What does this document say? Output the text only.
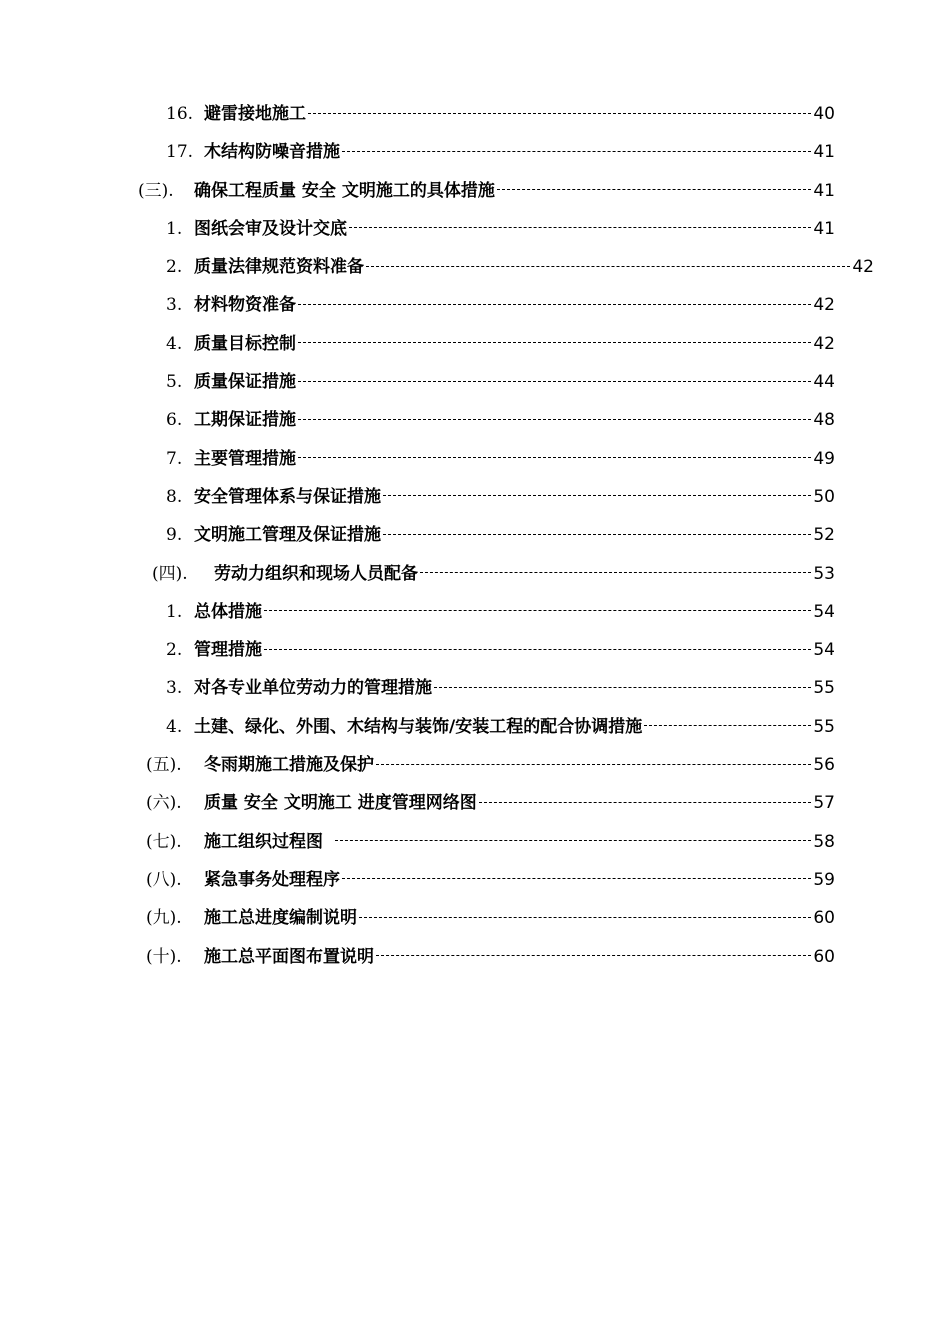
16. 避雷接地施工	40
17. 木结构防噪音措施	41
(三). 确保工程质量 安全 文明施工的具体措施	41
1. 图纸会审及设计交底	41
2. 质量法律规范资料准备	42
3. 材料物资准备	42
4. 质量目标控制	42
5. 质量保证措施	44
6. 工期保证措施	48
7. 主要管理措施	49
8. 安全管理体系与保证措施	50
9. 文明施工管理及保证措施	52
(四). 劳动力组织和现场人员配备	53
1. 总体措施	54
2. 管理措施	54
3. 对各专业单位劳动力的管理措施	55
4. 土建、绿化、外围、木结构与装饰/安装工程的配合协调措施	55
(五). 冬雨期施工措施及保护	56
(六). 质量 安全 文明施工 进度管理网络图	57
(七). 施工组织过程图	58
(八). 紧急事务处理程序	59
(九). 施工总进度编制说明	60
(十). 施工总平面图布置说明	60
